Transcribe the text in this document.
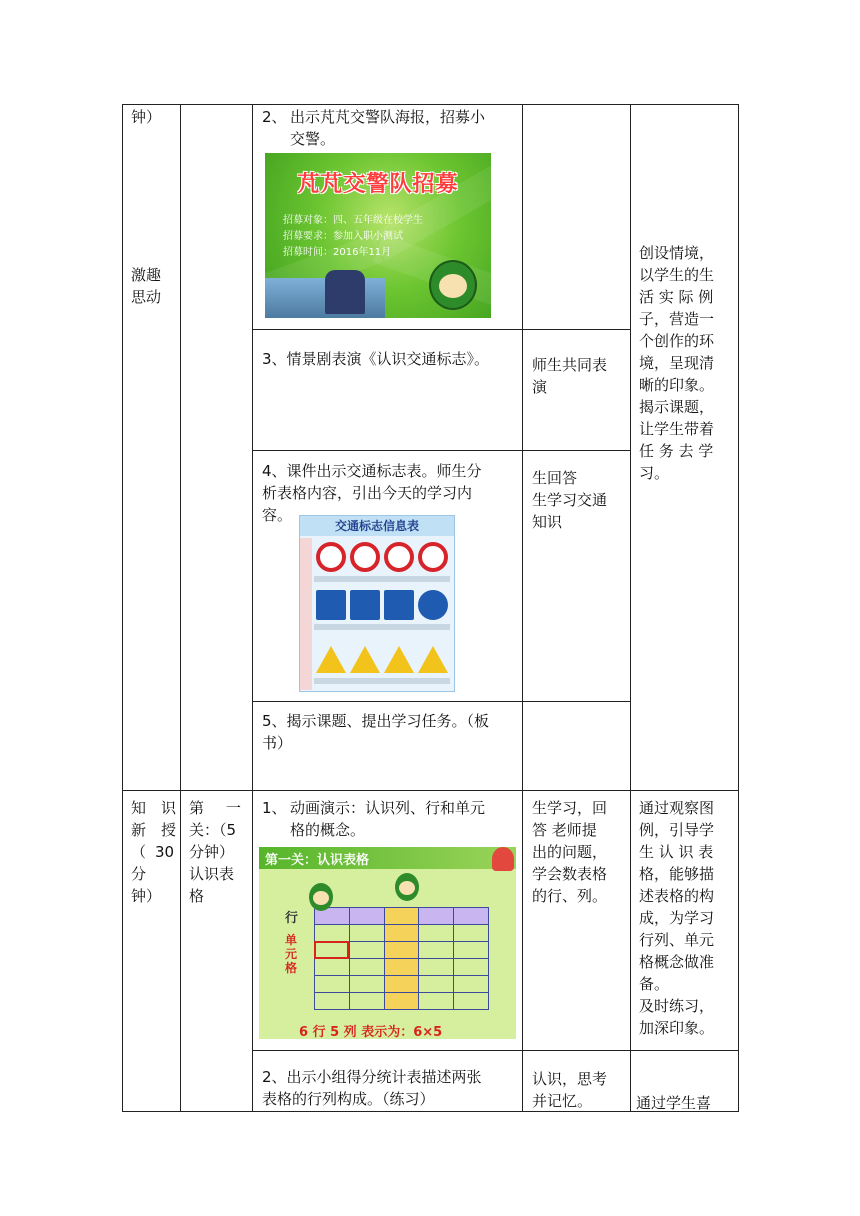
钟）
激趣
思动
知 识
新 授
（ 30
分
钟）
第 一
关：（5
分钟）
认识表
格
2、 出示芃芃交警队海报，招募小
交警。
芃芃交警队招募
招募对象：四、五年级在校学生
招募要求：参加入职小测试
招募时间：2016年11月
3、情景剧表演《认识交通标志》。	师生共同表
演
4、课件出示交通标志表。师生分
析表格内容，引出今天的学习内
容。
生回答
生学习交通
知识
交通标志信息表
5、揭示课题、提出学习任务。（板
书）
创设情境，
以学生的生
活 实 际 例
子，营造一
个创作的环
境，呈现清
晰的印象。
揭示课题，
让学生带着
任 务 去 学
习。
1、 动画演示：认识列、行和单元
格的概念。
生学习，回
答 老师提
出的问题，
学会数表格
的行、列。
通过观察图
例，引导学
生 认 识 表
格，能够描
述表格的构
成，为学习
行列、单元
格概念做准
备。
及时练习，
加深印象。
第一关：认识表格
行
单元格
6 行 5 列 表示为：6×5
2、出示小组得分统计表描述两张
表格的行列构成。（练习）
认识，思考
并记忆。	通过学生喜
